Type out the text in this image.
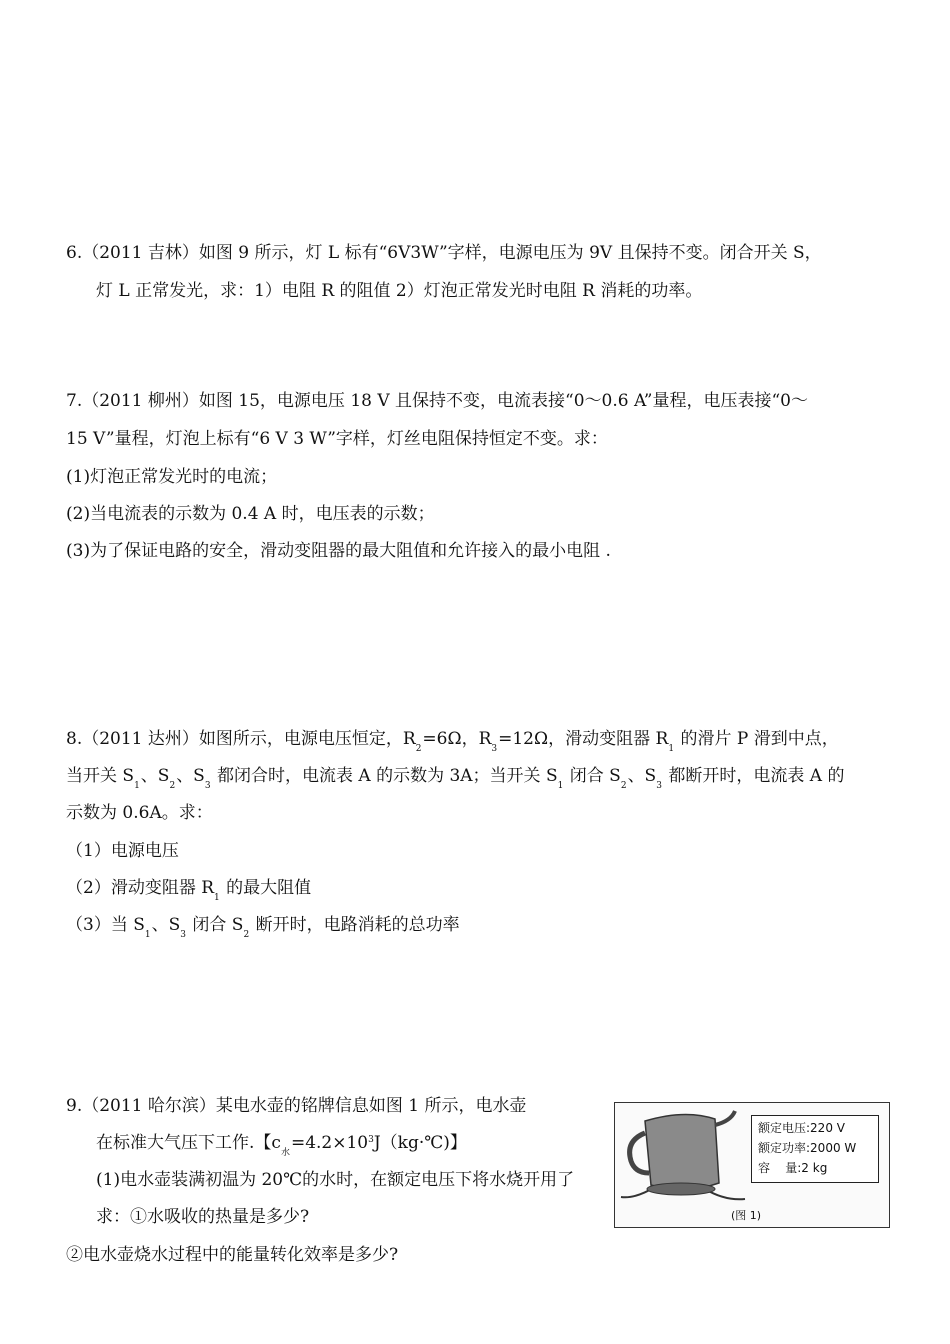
6.（2011 吉林）如图 9 所示，灯 L 标有“6V3W”字样，电源电压为 9V 且保持不变。闭合开关 S，
灯 L 正常发光，求：1）电阻 R 的阻值 2）灯泡正常发光时电阻 R 消耗的功率。
7.（2011 柳州）如图 15，电源电压 18 V 且保持不变，电流表接“0～0.6 A”量程，电压表接“0～
15 V”量程，灯泡上标有“6 V 3 W”字样，灯丝电阻保持恒定不变。求：
(1)灯泡正常发光时的电流；
(2)当电流表的示数为 0.4 A 时，电压表的示数；
(3)为了保证电路的安全，滑动变阻器的最大阻值和允许接入的最小电阻 .
8.（2011 达州）如图所示，电源电压恒定，$R_2=6\Omega$，$R_3=12\Omega$，滑动变阻器 $R_1$ 的滑片 P 滑到中点，
当开关 $S_1$、$S_2$、$S_3$ 都闭合时，电流表 A 的示数为 3A；当开关 $S_1$ 闭合 $S_2$、$S_3$ 都断开时，电流表 A 的
示数为 0.6A。求：
（1）电源电压
（2）滑动变阻器 $R_1$ 的最大阻值
（3）当 $S_1$、$S_3$ 闭合 $S_2$ 断开时，电路消耗的总功率
9.（2011 哈尔滨）某电水壶的铭牌信息如图 1 所示，电水壶
在标准大气压下工作.【$c_水=4.2\times 10^3J(kg\cdot℃)$】
(1)电水壶装满初温为 20℃的水时，在额定电压下将水烧开用了
求：①水吸收的热量是多少?
②电水壶烧水过程中的能量转化效率是多少?
额定电压:220 V
额定功率:2000 W
容    量:2 kg
(图 1)
